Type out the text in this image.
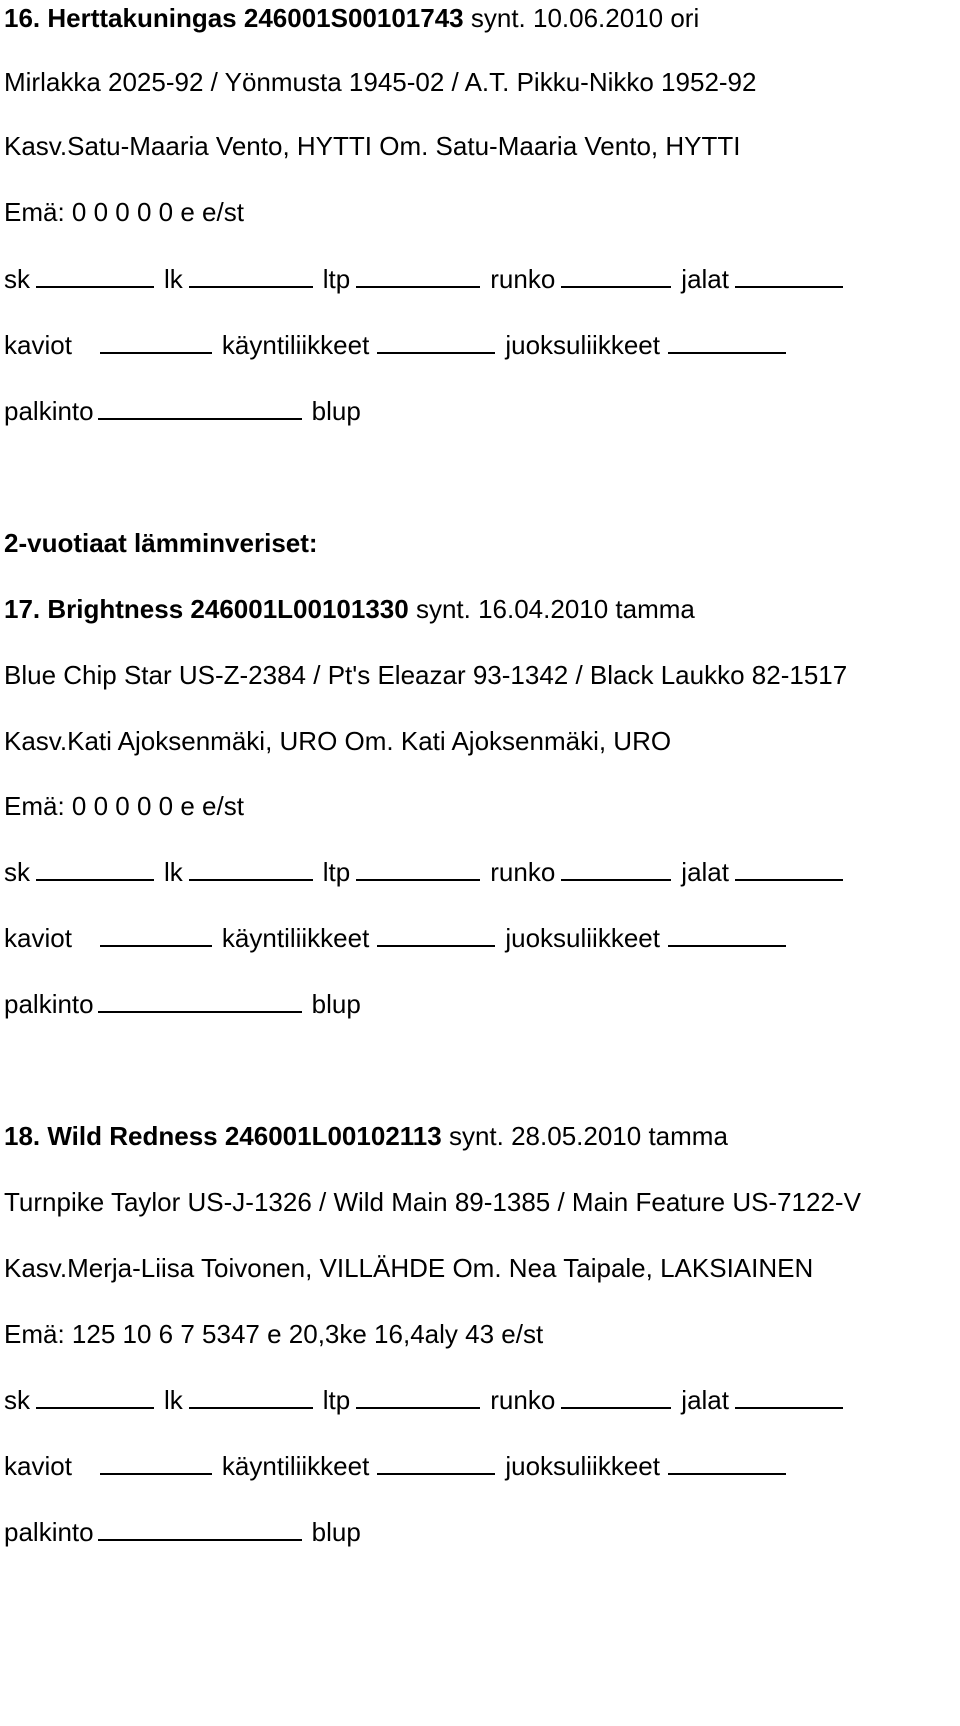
16. Herttakuningas 246001S00101743 synt. 10.06.2010 ori
Mirlakka 2025-92 / Yönmusta 1945-02 / A.T. Pikku-Nikko 1952-92
Kasv.Satu-Maaria Vento, HYTTI Om. Satu-Maaria Vento, HYTTI
Emä: 0 0 0 0 0 e e/st
sk	lk	ltp	runko	jalat
kaviot	käyntiliikkeet	juoksuliikkeet
palkinto	blup
2-vuotiaat lämminveriset:
17. Brightness 246001L00101330 synt. 16.04.2010 tamma
Blue Chip Star US-Z-2384 / Pt's Eleazar 93-1342 / Black Laukko 82-1517
Kasv.Kati Ajoksenmäki, URO Om. Kati Ajoksenmäki, URO
Emä: 0 0 0 0 0 e e/st
sk	lk	ltp	runko	jalat
kaviot	käyntiliikkeet	juoksuliikkeet
palkinto	blup
18. Wild Redness 246001L00102113 synt. 28.05.2010 tamma
Turnpike Taylor US-J-1326 / Wild Main 89-1385 / Main Feature US-7122-V
Kasv.Merja-Liisa Toivonen, VILLÄHDE Om. Nea Taipale, LAKSIAINEN
Emä: 125 10 6 7 5347 e 20,3ke 16,4aly 43 e/st
sk	lk	ltp	runko	jalat
kaviot	käyntiliikkeet	juoksuliikkeet
palkinto	blup
